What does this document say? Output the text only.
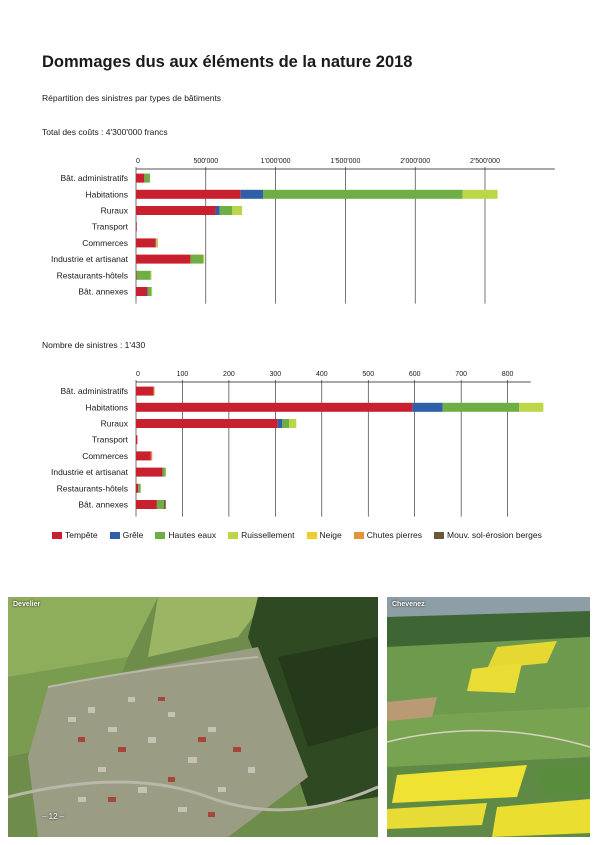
Dommages dus aux éléments de la nature 2018
Répartition des sinistres par types de bâtiments
Total des coûts : 4'300'000 francs
0	500'000	1'000'000	1'500'000	2'000'000	2'500'000
Bât. administratifs
Habitations
Ruraux
Transport
Commerces
Industrie et artisanat
Restaurants-hôtels
Bât. annexes
Nombre de sinistres : 1'430
0	100	200	300	400	500	600	700	800
Bât. administratifs
Habitations
Ruraux
Transport
Commerces
Industrie et artisanat
Restaurants-hôtels
Bât. annexes
Tempête	Grêle	Hautes eaux	Ruissellement	Neige	Chutes pierres	Mouv. sol-érosion berges
Develier	Chevenez
– 12 –
